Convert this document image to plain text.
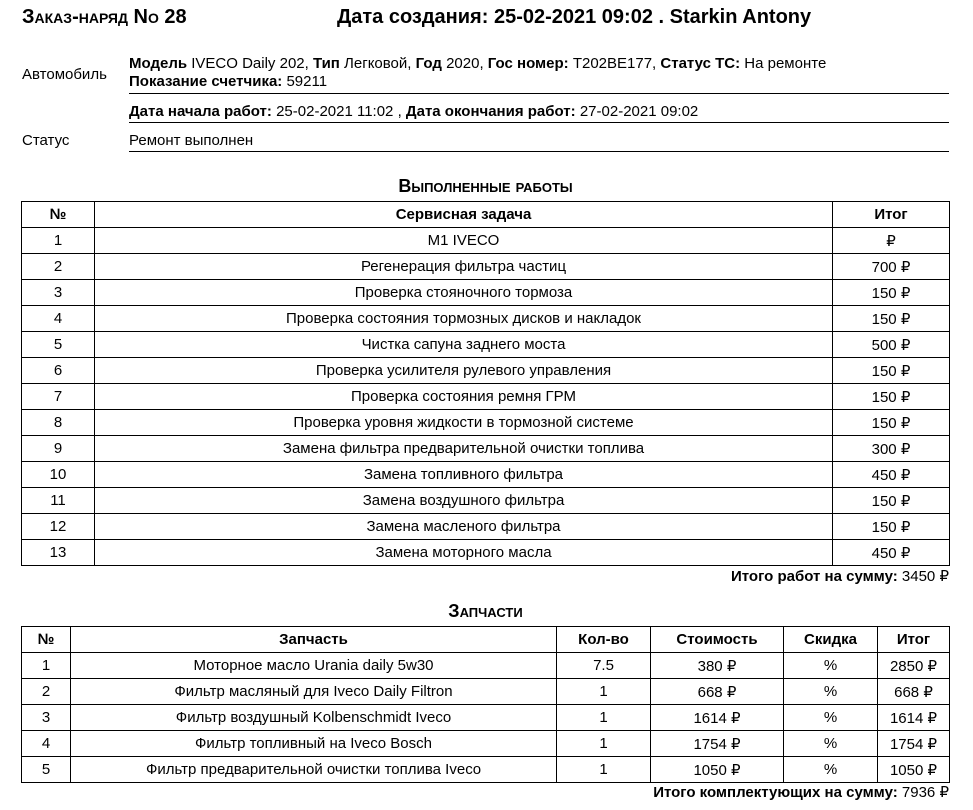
Заказ-наряд No 28	Дата создания: 25-02-2021 09:02 . Starkin Antony
Автомобиль
Модель IVECO Daily 202, Тип Легковой, Год 2020, Гос номер: Т202ВЕ177, Статус ТС: На ремонте
Показание счетчика: 59211
Дата начала работ: 25-02-2021 11:02 , Дата окончания работ: 27-02-2021 09:02
Статус	Ремонт выполнен
Выполненные работы
№	Сервисная задача	Итог
1	M1 IVECO	₽
2	Регенерация фильтра частиц	700 ₽
3	Проверка стояночного тормоза	150 ₽
4	Проверка состояния тормозных дисков и накладок	150 ₽
5	Чистка сапуна заднего моста	500 ₽
6	Проверка усилителя рулевого управления	150 ₽
7	Проверка состояния ремня ГРМ	150 ₽
8	Проверка уровня жидкости в тормозной системе	150 ₽
9	Замена фильтра предварительной очистки топлива	300 ₽
10	Замена топливного фильтра	450 ₽
11	Замена воздушного фильтра	150 ₽
12	Замена масленого фильтра	150 ₽
13	Замена моторного масла	450 ₽
Итого работ на сумму: 3450 ₽
Запчасти
№	Запчасть	Кол-во	Стоимость	Скидка	Итог
1	Моторное масло Urania daily 5w30	7.5	380 ₽	%	2850 ₽
2	Фильтр масляный для Iveco Daily Filtron	1	668 ₽	%	668 ₽
3	Фильтр воздушный Kolbenschmidt Iveco	1	1614 ₽	%	1614 ₽
4	Фильтр топливный на Iveco Bosch	1	1754 ₽	%	1754 ₽
5	Фильтр предварительной очистки топлива Iveco	1	1050 ₽	%	1050 ₽
Итого комплектующих на сумму: 7936 ₽
